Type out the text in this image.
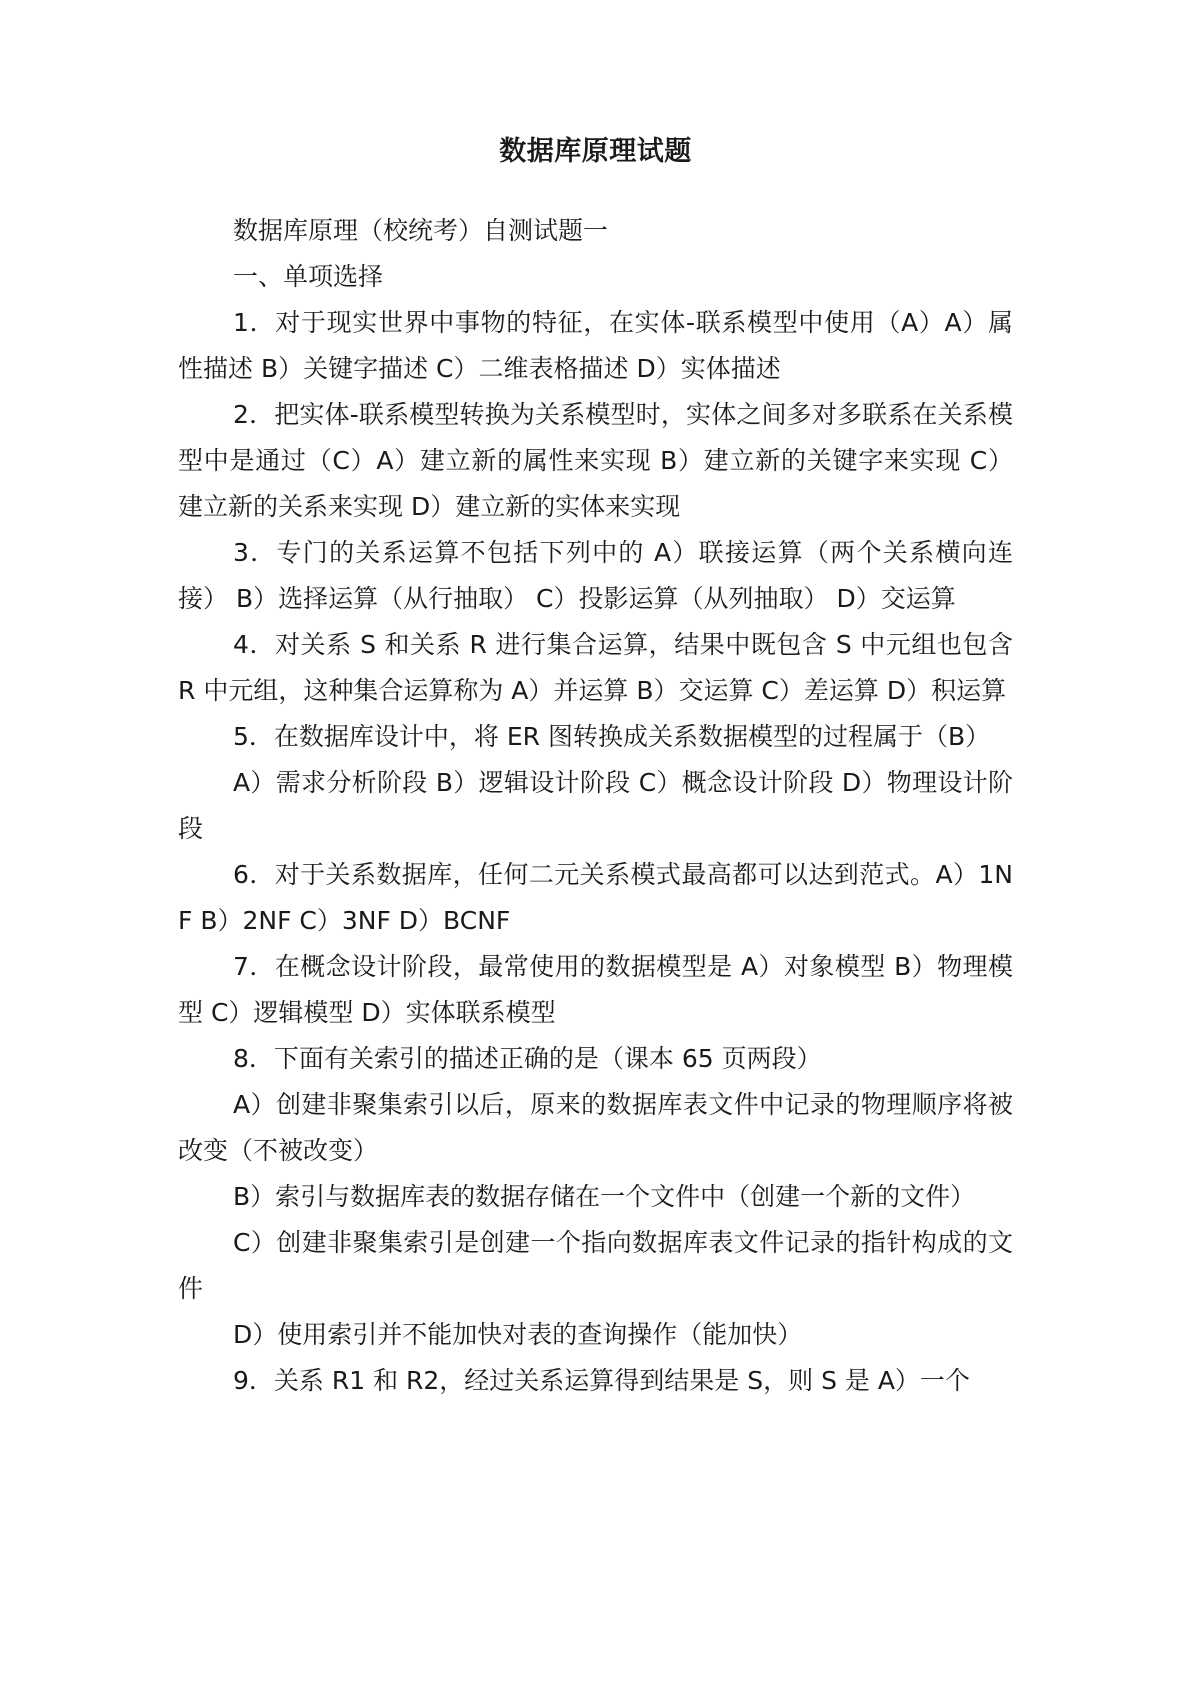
数据库原理试题

数据库原理（校统考）自测试题一

一、单项选择

1．对于现实世界中事物的特征，在实体-联系模型中使用（A）A）属性描述 B）关键字描述 C）二维表格描述 D）实体描述

2．把实体-联系模型转换为关系模型时，实体之间多对多联系在关系模型中是通过（C）A）建立新的属性来实现 B）建立新的关键字来实现 C）建立新的关系来实现 D）建立新的实体来实现

3．专门的关系运算不包括下列中的 A）联接运算（两个关系横向连接） B）选择运算（从行抽取） C）投影运算（从列抽取） D）交运算

4．对关系 S 和关系 R 进行集合运算，结果中既包含 S 中元组也包含 R 中元组，这种集合运算称为 A）并运算 B）交运算 C）差运算 D）积运算

5．在数据库设计中，将 ER 图转换成关系数据模型的过程属于（B）

A）需求分析阶段 B）逻辑设计阶段 C）概念设计阶段 D）物理设计阶段

6．对于关系数据库，任何二元关系模式最高都可以达到范式。A）1NF B）2NF C）3NF D）BCNF

7．在概念设计阶段，最常使用的数据模型是 A）对象模型 B）物理模型 C）逻辑模型 D）实体联系模型

8．下面有关索引的描述正确的是（课本 65 页两段）

A）创建非聚集索引以后，原来的数据库表文件中记录的物理顺序将被改变（不被改变）

B）索引与数据库表的数据存储在一个文件中（创建一个新的文件）

C）创建非聚集索引是创建一个指向数据库表文件记录的指针构成的文件

D）使用索引并不能加快对表的查询操作（能加快）

9．关系 R1 和 R2，经过关系运算得到结果是 S，则 S 是 A）一个
